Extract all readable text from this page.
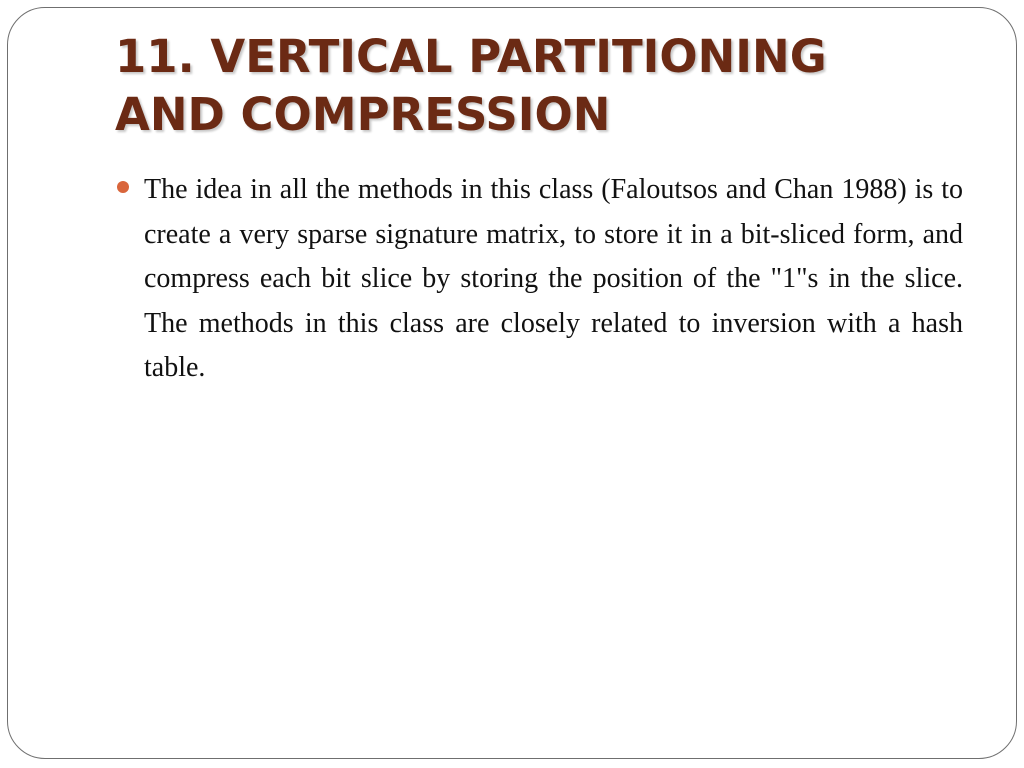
11. VERTICAL PARTITIONING AND COMPRESSION
The idea in all the methods in this class (Faloutsos and Chan 1988) is to create a very sparse signature matrix, to store it in a bit-sliced form, and compress each bit slice by storing the position of the "1"s in the slice. The methods in this class are closely related to inversion with a hash table.
